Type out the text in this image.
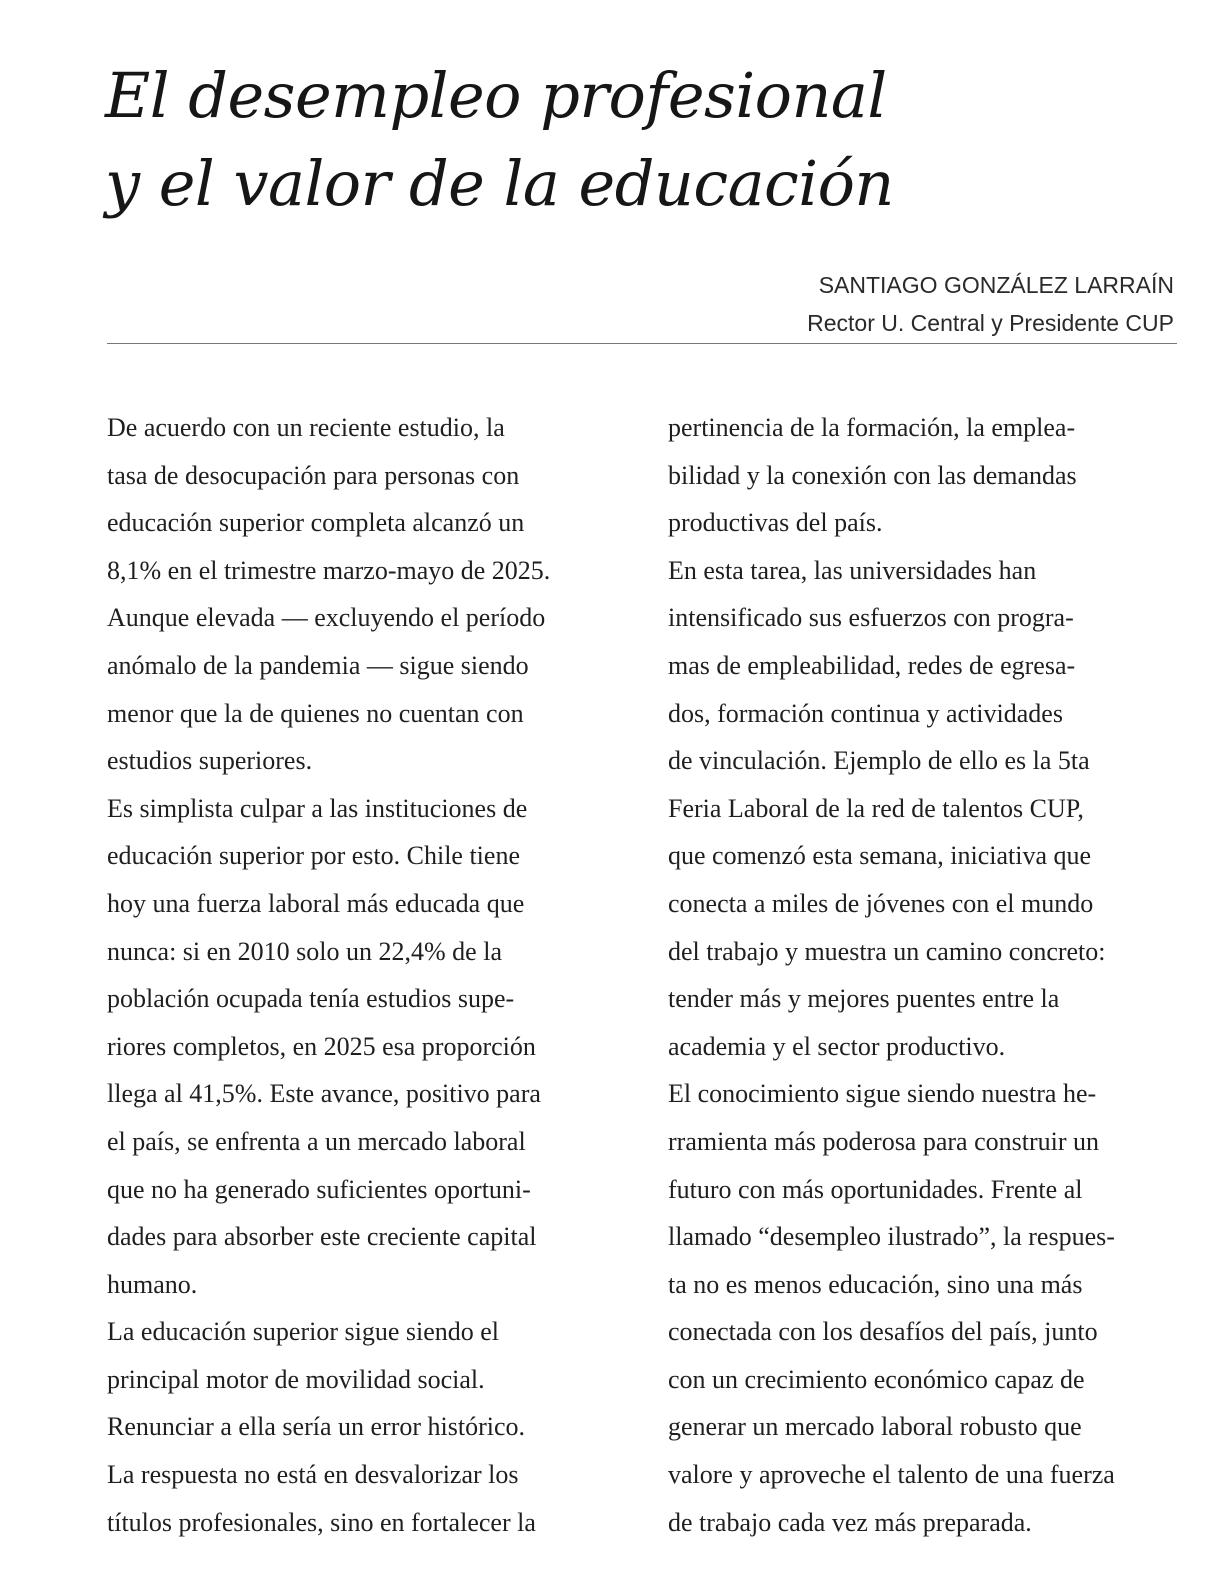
El desempleo profesional
y el valor de la educación
SANTIAGO GONZÁLEZ LARRAÍN
Rector U. Central y Presidente CUP
De acuerdo con un reciente estudio, la
tasa de desocupación para personas con
educación superior completa alcanzó un
8,1% en el trimestre marzo-mayo de 2025.
Aunque elevada — excluyendo el período
anómalo de la pandemia — sigue siendo
menor que la de quienes no cuentan con
estudios superiores.
Es simplista culpar a las instituciones de
educación superior por esto. Chile tiene
hoy una fuerza laboral más educada que
nunca: si en 2010 solo un 22,4% de la
población ocupada tenía estudios supe-
riores completos, en 2025 esa proporción
llega al 41,5%. Este avance, positivo para
el país, se enfrenta a un mercado laboral
que no ha generado suficientes oportuni-
dades para absorber este creciente capital
humano.
La educación superior sigue siendo el
principal motor de movilidad social.
Renunciar a ella sería un error histórico.
La respuesta no está en desvalorizar los
títulos profesionales, sino en fortalecer la
pertinencia de la formación, la emplea-
bilidad y la conexión con las demandas
productivas del país.
En esta tarea, las universidades han
intensificado sus esfuerzos con progra-
mas de empleabilidad, redes de egresa-
dos, formación continua y actividades
de vinculación. Ejemplo de ello es la 5ta
Feria Laboral de la red de talentos CUP,
que comenzó esta semana, iniciativa que
conecta a miles de jóvenes con el mundo
del trabajo y muestra un camino concreto:
tender más y mejores puentes entre la
academia y el sector productivo.
El conocimiento sigue siendo nuestra he-
rramienta más poderosa para construir un
futuro con más oportunidades. Frente al
llamado “desempleo ilustrado”, la respues-
ta no es menos educación, sino una más
conectada con los desafíos del país, junto
con un crecimiento económico capaz de
generar un mercado laboral robusto que
valore y aproveche el talento de una fuerza
de trabajo cada vez más preparada.
